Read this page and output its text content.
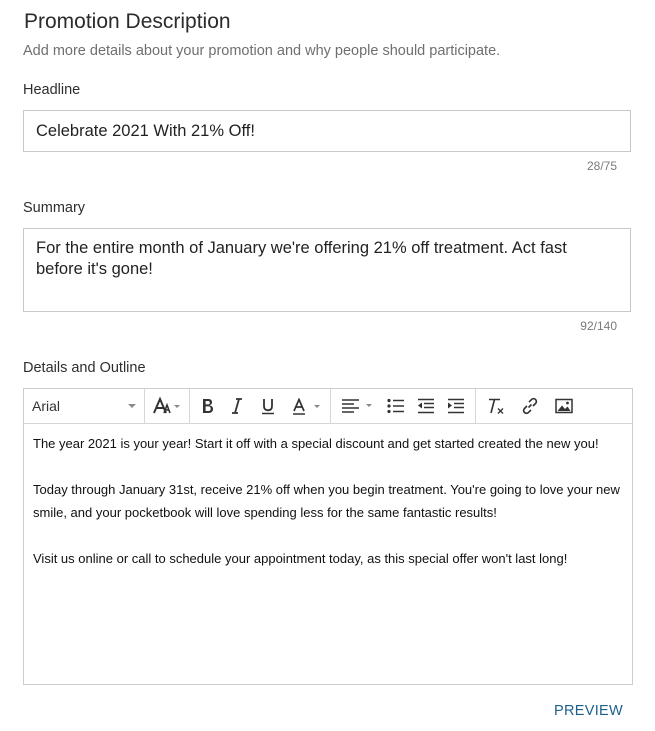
Promotion Description
Add more details about your promotion and why people should participate.
Headline
Celebrate 2021 With 21% Off!
28/75
Summary
For the entire month of January we're offering 21% off treatment. Act fast before it's gone!
92/140
Details and Outline
Arial

The year 2021 is your year! Start it off with a special discount and get started created the new you!

Today through January 31st, receive 21% off when you begin treatment. You're going to love your new smile, and your pocketbook will love spending less for the same fantastic results!

Visit us online or call to schedule your appointment today, as this special offer won't last long!

PREVIEW
